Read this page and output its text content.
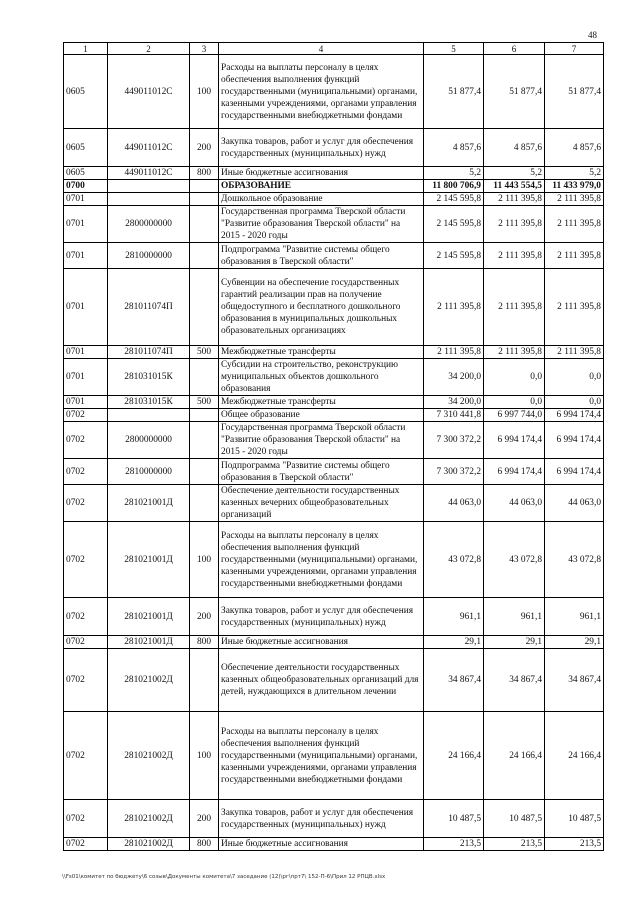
48
1	2	3	4	5	6	7
0605	449011012С	100	Расходы на выплаты персоналу в целях обеспечения выполнения функций государственными (муниципальными) органами, казенными учреждениями, органами управления государственными внебюджетными фондами	51 877,4	51 877,4	51 877,4
0605	449011012С	200	Закупка товаров, работ и услуг для обеспечения государственных (муниципальных) нужд	4 857,6	4 857,6	4 857,6
0605	449011012С	800	Иные бюджетные ассигнования	5,2	5,2	5,2
0700			ОБРАЗОВАНИЕ	11 800 706,9	11 443 554,5	11 433 979,0
0701			Дошкольное образование	2 145 595,8	2 111 395,8	2 111 395,8
0701	2800000000		Государственная программа Тверской области "Развитие образования Тверской области" на 2015 - 2020 годы	2 145 595,8	2 111 395,8	2 111 395,8
0701	2810000000		Подпрограмма "Развитие системы общего образования в Тверской области"	2 145 595,8	2 111 395,8	2 111 395,8
0701	281011074П		Субвенции на обеспечение государственных гарантий реализации прав на получение общедоступного и бесплатного дошкольного образования в муниципальных дошкольных образовательных организациях	2 111 395,8	2 111 395,8	2 111 395,8
0701	281011074П	500	Межбюджетные трансферты	2 111 395,8	2 111 395,8	2 111 395,8
0701	281031015К		Субсидии на строительство, реконструкцию муниципальных объектов дошкольного образования	34 200,0	0,0	0,0
0701	281031015К	500	Межбюджетные трансферты	34 200,0	0,0	0,0
0702			Общее образование	7 310 441,8	6 997 744,0	6 994 174,4
0702	2800000000		Государственная программа Тверской области "Развитие образования Тверской области" на 2015 - 2020 годы	7 300 372,2	6 994 174,4	6 994 174,4
0702	2810000000		Подпрограмма "Развитие системы общего образования в Тверской области"	7 300 372,2	6 994 174,4	6 994 174,4
0702	281021001Д		Обеспечение деятельности государственных казенных вечерних общеобразовательных организаций	44 063,0	44 063,0	44 063,0
0702	281021001Д	100	Расходы на выплаты персоналу в целях обеспечения выполнения функций государственными (муниципальными) органами, казенными учреждениями, органами управления государственными внебюджетными фондами	43 072,8	43 072,8	43 072,8
0702	281021001Д	200	Закупка товаров, работ и услуг для обеспечения государственных (муниципальных) нужд	961,1	961,1	961,1
0702	281021001Д	800	Иные бюджетные ассигнования	29,1	29,1	29,1
0702	281021002Д		Обеспечение деятельности государственных казенных общеобразовательных организаций для детей, нуждающихся в длительном лечении	34 867,4	34 867,4	34 867,4
0702	281021002Д	100	Расходы на выплаты персоналу в целях обеспечения выполнения функций государственными (муниципальными) органами, казенными учреждениями, органами управления государственными внебюджетными фондами	24 166,4	24 166,4	24 166,4
0702	281021002Д	200	Закупка товаров, работ и услуг для обеспечения государственных (муниципальных) нужд	10 487,5	10 487,5	10 487,5
0702	281021002Д	800	Иные бюджетные ассигнования	213,5	213,5	213,5
\\Fs01\комитет по бюджету\6 созыв\Документы комитета\7 заседание (12)\рг\прт7\ 152-П-6\Прил 12 РПЦВ.xlsx
